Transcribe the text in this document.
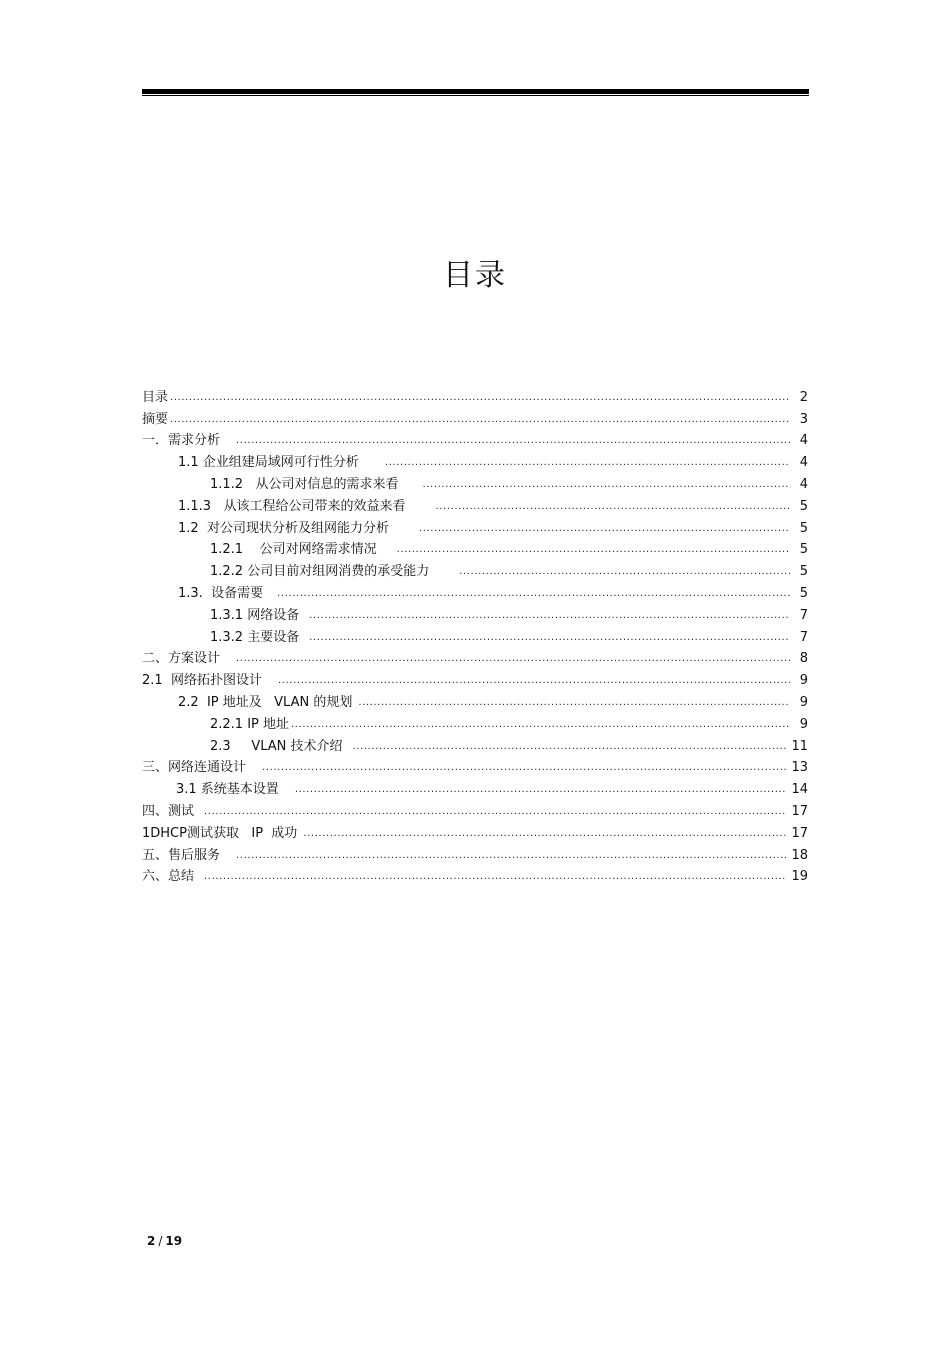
目录
目录 .....	2
摘要 .....	3
一．需求分析 .....	4
1.1 企业组建局域网可行性分析 .....	4
1.1.2   从公司对信息的需求来看 .....	4
1.1.3   从该工程给公司带来的效益来看 .....	5
1.2  对公司现状分析及组网能力分析 .....	5
1.2.1    公司对网络需求情况 .....	5
1.2.2 公司目前对组网消费的承受能力 .....	5
1.3.  设备需要 .....	5
1.3.1 网络设备 .....	7
1.3.2 主要设备 .....	7
二、方案设计 .....	8
2.1  网络拓扑图设计 .....	9
2.2  IP 地址及   VLAN 的规划 .....	9
2.2.1 IP 地址 .....	9
2.3     VLAN 技术介绍 .....	11
三、网络连通设计 .....	13
3.1 系统基本设置 .....	14
四、测试 .....	17
1DHCP测试获取   IP  成功 .....	17
五、售后服务 .....	18
六、总结 .....	19
2 / 19
